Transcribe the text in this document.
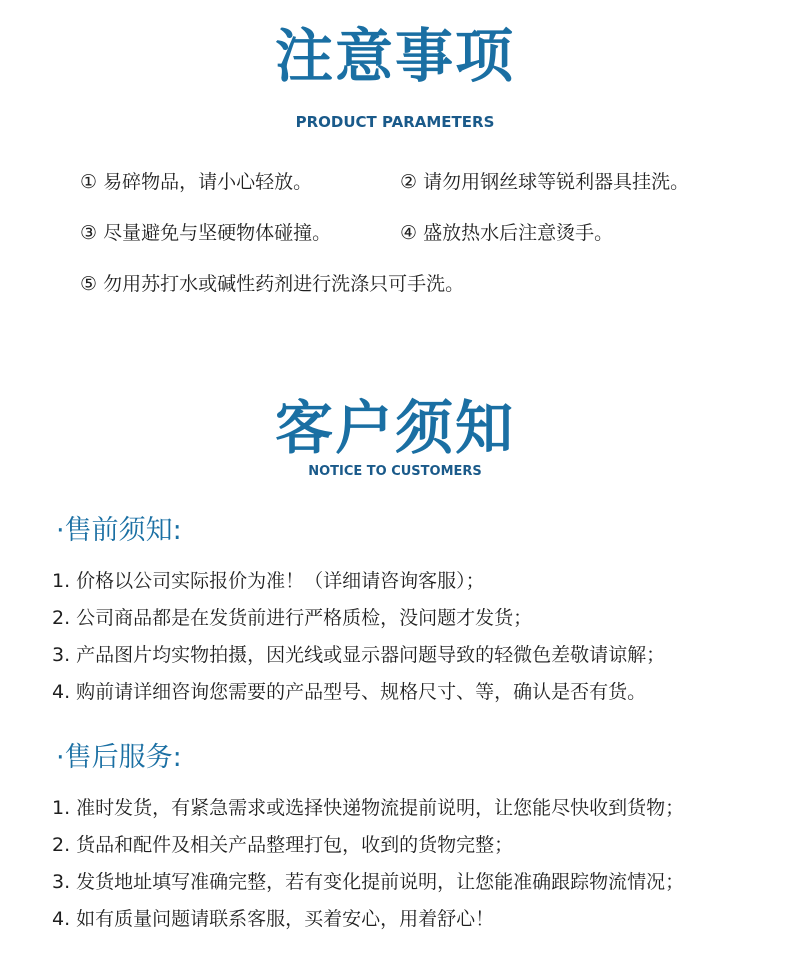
注意事项
PRODUCT PARAMETERS
① 易碎物品，请小心轻放。	② 请勿用钢丝球等锐利器具挂洗。
③ 尽量避免与坚硬物体碰撞。	④ 盛放热水后注意烫手。
⑤ 勿用苏打水或碱性药剂进行洗涤只可手洗。
客户须知
NOTICE TO CUSTOMERS
·售前须知:
1. 价格以公司实际报价为准！（详细请咨询客服）；
2. 公司商品都是在发货前进行严格质检，没问题才发货；
3. 产品图片均实物拍摄，因光线或显示器问题导致的轻微色差敬请谅解；
4. 购前请详细咨询您需要的产品型号、规格尺寸、等，确认是否有货。
·售后服务:
1. 准时发货，有紧急需求或选择快递物流提前说明，让您能尽快收到货物；
2. 货品和配件及相关产品整理打包，收到的货物完整；
3. 发货地址填写准确完整，若有变化提前说明，让您能准确跟踪物流情况；
4. 如有质量问题请联系客服，买着安心，用着舒心！
